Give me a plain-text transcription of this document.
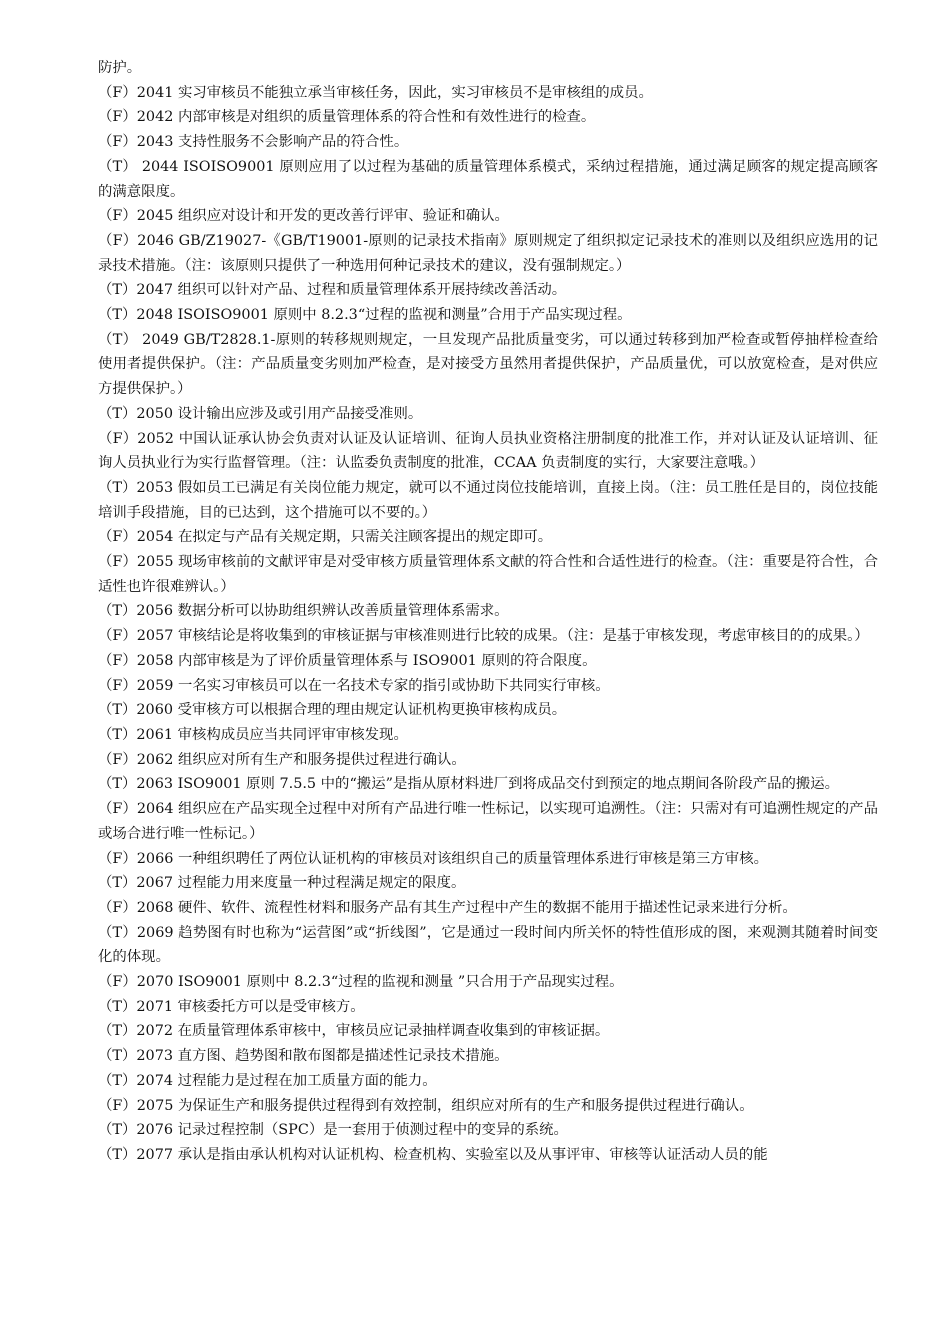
防护。

（F）2041 实习审核员不能独立承当审核任务，因此，实习审核员不是审核组的成员。

（F）2042 内部审核是对组织的质量管理体系的符合性和有效性进行的检查。

（F）2043 支持性服务不会影响产品的符合性。

（T） 2044 ISOISO9001 原则应用了以过程为基础的质量管理体系模式，采纳过程措施，通过满足顾客的规定提高顾客的满意限度。

（F）2045 组织应对设计和开发的更改善行评审、验证和确认。

（F）2046 GB/Z19027-《GB/T19001-原则的记录技术指南》原则规定了组织拟定记录技术的准则以及组织应选用的记录技术措施。（注：该原则只提供了一种选用何种记录技术的建议，没有强制规定。）

（T）2047 组织可以针对产品、过程和质量管理体系开展持续改善活动。

（T）2048 ISOISO9001 原则中 8.2.3“过程的监视和测量”合用于产品实现过程。

（T） 2049 GB/T2828.1-原则的转移规则规定，一旦发现产品批质量变劣，可以通过转移到加严检查或暂停抽样检查给使用者提供保护。（注：产品质量变劣则加严检查，是对接受方虽然用者提供保护，产品质量优，可以放宽检查，是对供应方提供保护。）

（T）2050 设计输出应涉及或引用产品接受准则。

（F）2052 中国认证承认协会负责对认证及认证培训、征询人员执业资格注册制度的批准工作，并对认证及认证培训、征询人员执业行为实行监督管理。（注：认监委负责制度的批准，CCAA 负责制度的实行，大家要注意哦。）

（T）2053 假如员工已满足有关岗位能力规定，就可以不通过岗位技能培训，直接上岗。（注：员工胜任是目的，岗位技能培训手段措施，目的已达到，这个措施可以不要的。）

（F）2054 在拟定与产品有关规定期，只需关注顾客提出的规定即可。

（F）2055 现场审核前的文献评审是对受审核方质量管理体系文献的符合性和合适性进行的检查。（注：重要是符合性，合适性也许很难辨认。）

（T）2056 数据分析可以协助组织辨认改善质量管理体系需求。

（F）2057 审核结论是将收集到的审核证据与审核准则进行比较的成果。（注：是基于审核发现，考虑审核目的的成果。）

（F）2058 内部审核是为了评价质量管理体系与 ISO9001 原则的符合限度。

（F）2059 一名实习审核员可以在一名技术专家的指引或协助下共同实行审核。

（T）2060 受审核方可以根据合理的理由规定认证机构更换审核构成员。

（T）2061 审核构成员应当共同评审审核发现。

（F）2062 组织应对所有生产和服务提供过程进行确认。

（T）2063 ISO9001 原则 7.5.5 中的“搬运”是指从原材料进厂到将成品交付到预定的地点期间各阶段产品的搬运。

（F）2064 组织应在产品实现全过程中对所有产品进行唯一性标记，以实现可追溯性。（注：只需对有可追溯性规定的产品或场合进行唯一性标记。）

（F）2066 一种组织聘任了两位认证机构的审核员对该组织自己的质量管理体系进行审核是第三方审核。

（T）2067 过程能力用来度量一种过程满足规定的限度。

（F）2068 硬件、软件、流程性材料和服务产品有其生产过程中产生的数据不能用于描述性记录来进行分析。

（T）2069 趋势图有时也称为“运营图”或“折线图”，它是通过一段时间内所关怀的特性值形成的图，来观测其随着时间变化的体现。

（F）2070 ISO9001 原则中 8.2.3“过程的监视和测量 ”只合用于产品现实过程。

（T）2071 审核委托方可以是受审核方。

（T）2072 在质量管理体系审核中，审核员应记录抽样调查收集到的审核证据。

（T）2073 直方图、趋势图和散布图都是描述性记录技术措施。

（T）2074 过程能力是过程在加工质量方面的能力。

（F）2075 为保证生产和服务提供过程得到有效控制，组织应对所有的生产和服务提供过程进行确认。

（T）2076 记录过程控制（SPC）是一套用于侦测过程中的变异的系统。

（T）2077 承认是指由承认机构对认证机构、检查机构、实验室以及从事评审、审核等认证活动人员的能
